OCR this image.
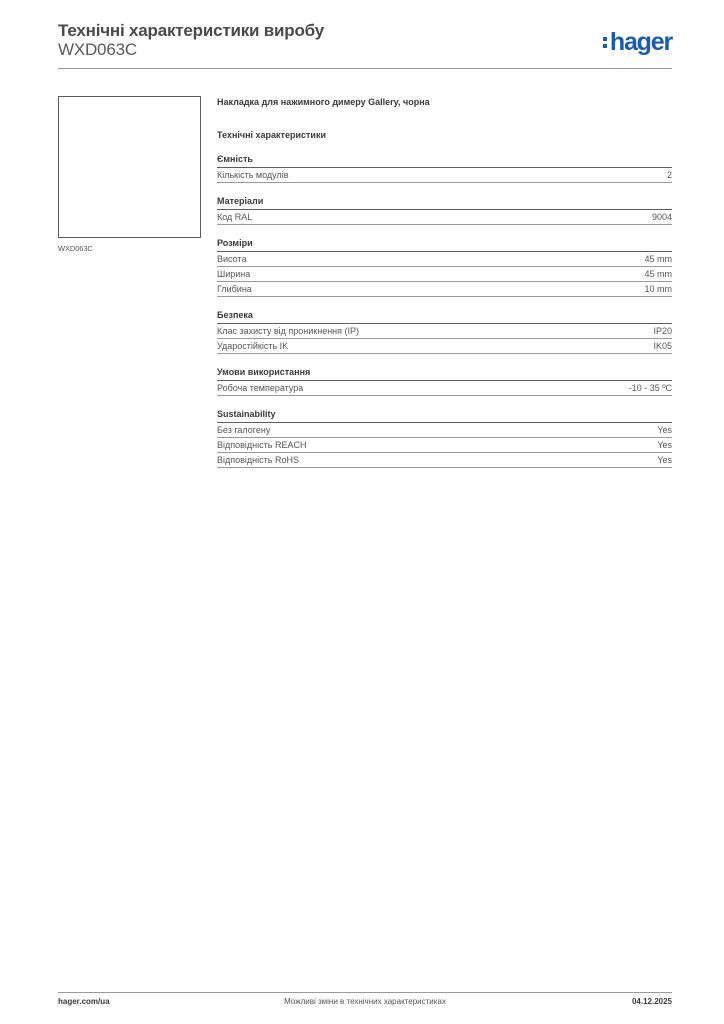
Технічні характеристики виробу
WXD063C	hager
WXD063C
Накладка для нажимного димеру Gallery, чорна
Технічні характеристики
Ємність
Кількість модулів	2
Матеріали
Код RAL	9004
Розміри
Висота	45 mm
Ширина	45 mm
Глибина	10 mm
Безпека
Клас захисту від проникнення (IP)	IP20
Удароcтійкість IK	IK05
Умови використання
Робоча температура	-10 - 35 ºC
Sustainability
Без галогену	Yes
Відповідність REACH	Yes
Відповідність RoHS	Yes
hager.com/ua	Можливі зміни в технічних характеристиках	04.12.2025
